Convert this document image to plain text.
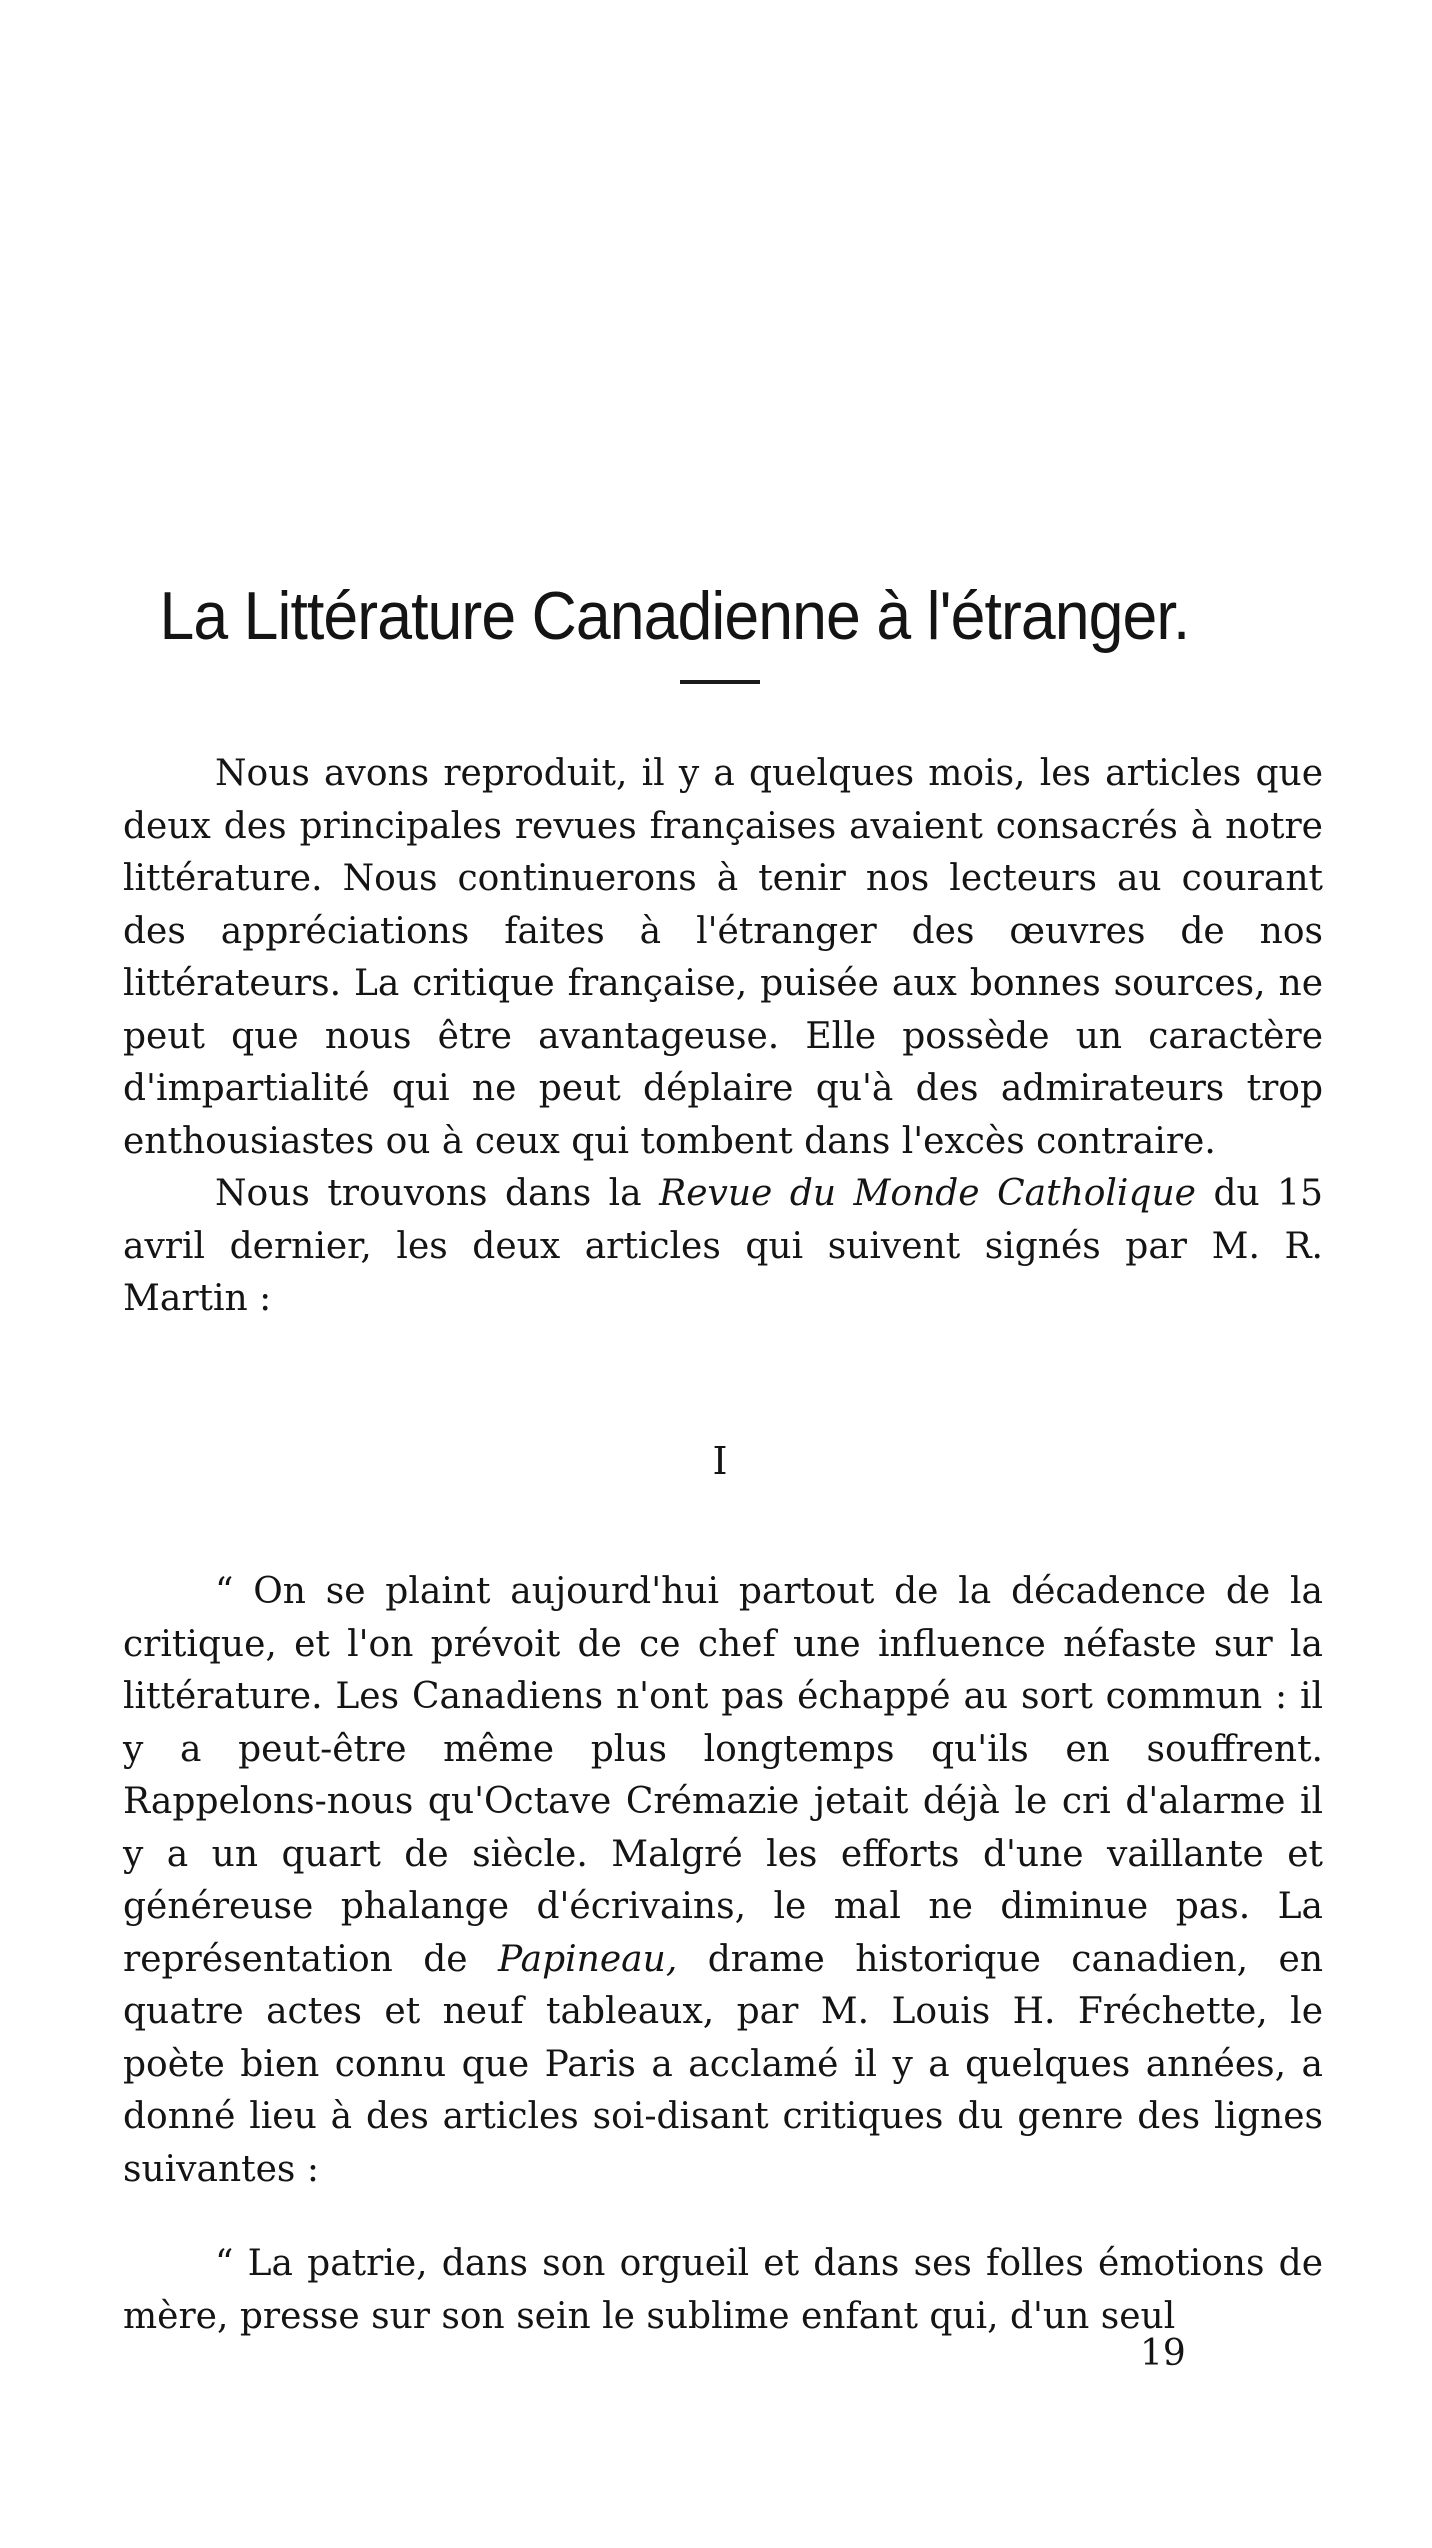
La Littérature Canadienne à l'étranger.

Nous avons reproduit, il y a quelques mois, les articles que deux des principales revues françaises avaient consacrés à notre littérature. Nous continuerons à tenir nos lecteurs au courant des appréciations faites à l'étranger des œuvres de nos littérateurs. La critique française, puisée aux bonnes sources, ne peut que nous être avantageuse. Elle possède un caractère d'impartialité qui ne peut déplaire qu'à des admirateurs trop enthousiastes ou à ceux qui tombent dans l'excès contraire.

Nous trouvons dans la Revue du Monde Catholique du 15 avril dernier, les deux articles qui suivent signés par M. R. Martin :

I

“ On se plaint aujourd'hui partout de la décadence de la critique, et l'on prévoit de ce chef une influence néfaste sur la littérature. Les Canadiens n'ont pas échappé au sort commun : il y a peut-être même plus longtemps qu'ils en souffrent. Rappelons-nous qu'Octave Crémazie jetait déjà le cri d'alarme il y a un quart de siècle. Malgré les efforts d'une vaillante et généreuse phalange d'écrivains, le mal ne diminue pas. La représentation de Papineau, drame historique canadien, en quatre actes et neuf tableaux, par M. Louis H. Fréchette, le poète bien connu que Paris a acclamé il y a quelques années, a donné lieu à des articles soi-disant critiques du genre des lignes suivantes :

“ La patrie, dans son orgueil et dans ses folles émotions de mère, presse sur son sein le sublime enfant qui, d'un seul

19
